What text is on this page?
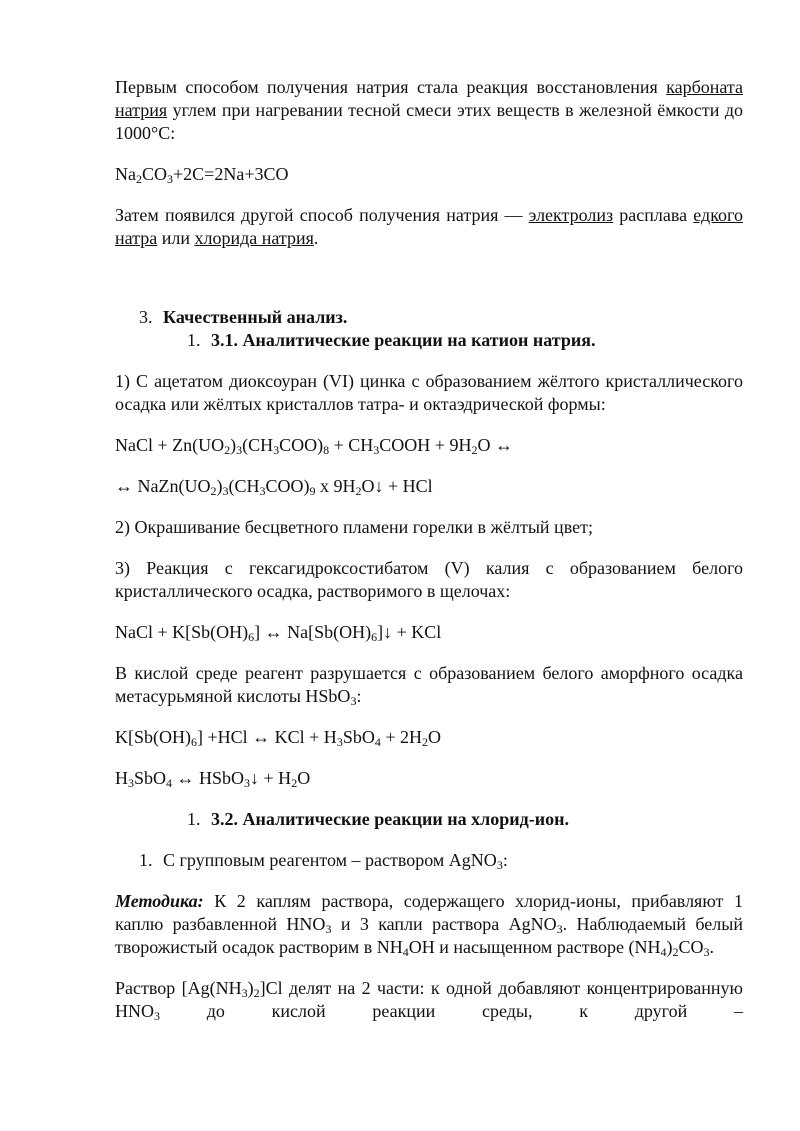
Первым способом получения натрия стала реакция восстановления карбоната натрия углем при нагревании тесной смеси этих веществ в железной ёмкости до 1000°С:

$Na_2CO_3+2C=2Na+3CO$

Затем появился другой способ получения натрия — электролиз расплава едкого натра или хлорида натрия.

3. Качественный анализ.

1. 3.1. Аналитические реакции на катион натрия.

1) С ацетатом диоксоуран (VI) цинка с образованием жёлтого кристаллического осадка или жёлтых кристаллов татра- и октаэдрической формы:

NaCl + $Zn(UO_2)_3(CH_3COO)_8$ + $CH_3COOH + 9H_2O$ ↔

↔ $NaZn(UO_2)_3(CH_3COO)_9$ x $9H_2O↓$ + HCl

2) Окрашивание бесцветного пламени горелки в жёлтый цвет;

3) Реакция с гексагидроксостибатом (V) калия с образованием белого кристаллического осадка, растворимого в щелочах:

NaCl + $K[Sb(OH)_6]$ ↔ $Na[Sb(OH)_6]↓$ + KCl

В кислой среде реагент разрушается с образованием белого аморфного осадка метасурьмяной кислоты HSbO$_3$:

$K[Sb(OH)_6] +HCl$ ↔ KCl + $H_3SbO_4 + 2H_2O$

$H_3SbO_4$ ↔ HSbO$_3$↓ + $H_2O$

1. 3.2. Аналитические реакции на хлорид-ион.

1. С групповым реагентом – раствором AgNO$_3$:

Методика: К 2 каплям раствора, содержащего хлорид-ионы, прибавляют 1 каплю разбавленной $HNO_3$ и 3 капли раствора AgNO$_3$. Наблюдаемый белый творожистый осадок растворим в $NH_4OH$ и насыщенном растворе $(NH_4)_2CO_3$.

Раствор $[Ag(NH_3)_2]Cl$ делят на 2 части: к одной добавляют концентрированную $HNO_3$ до кислой реакции среды, к другой –
